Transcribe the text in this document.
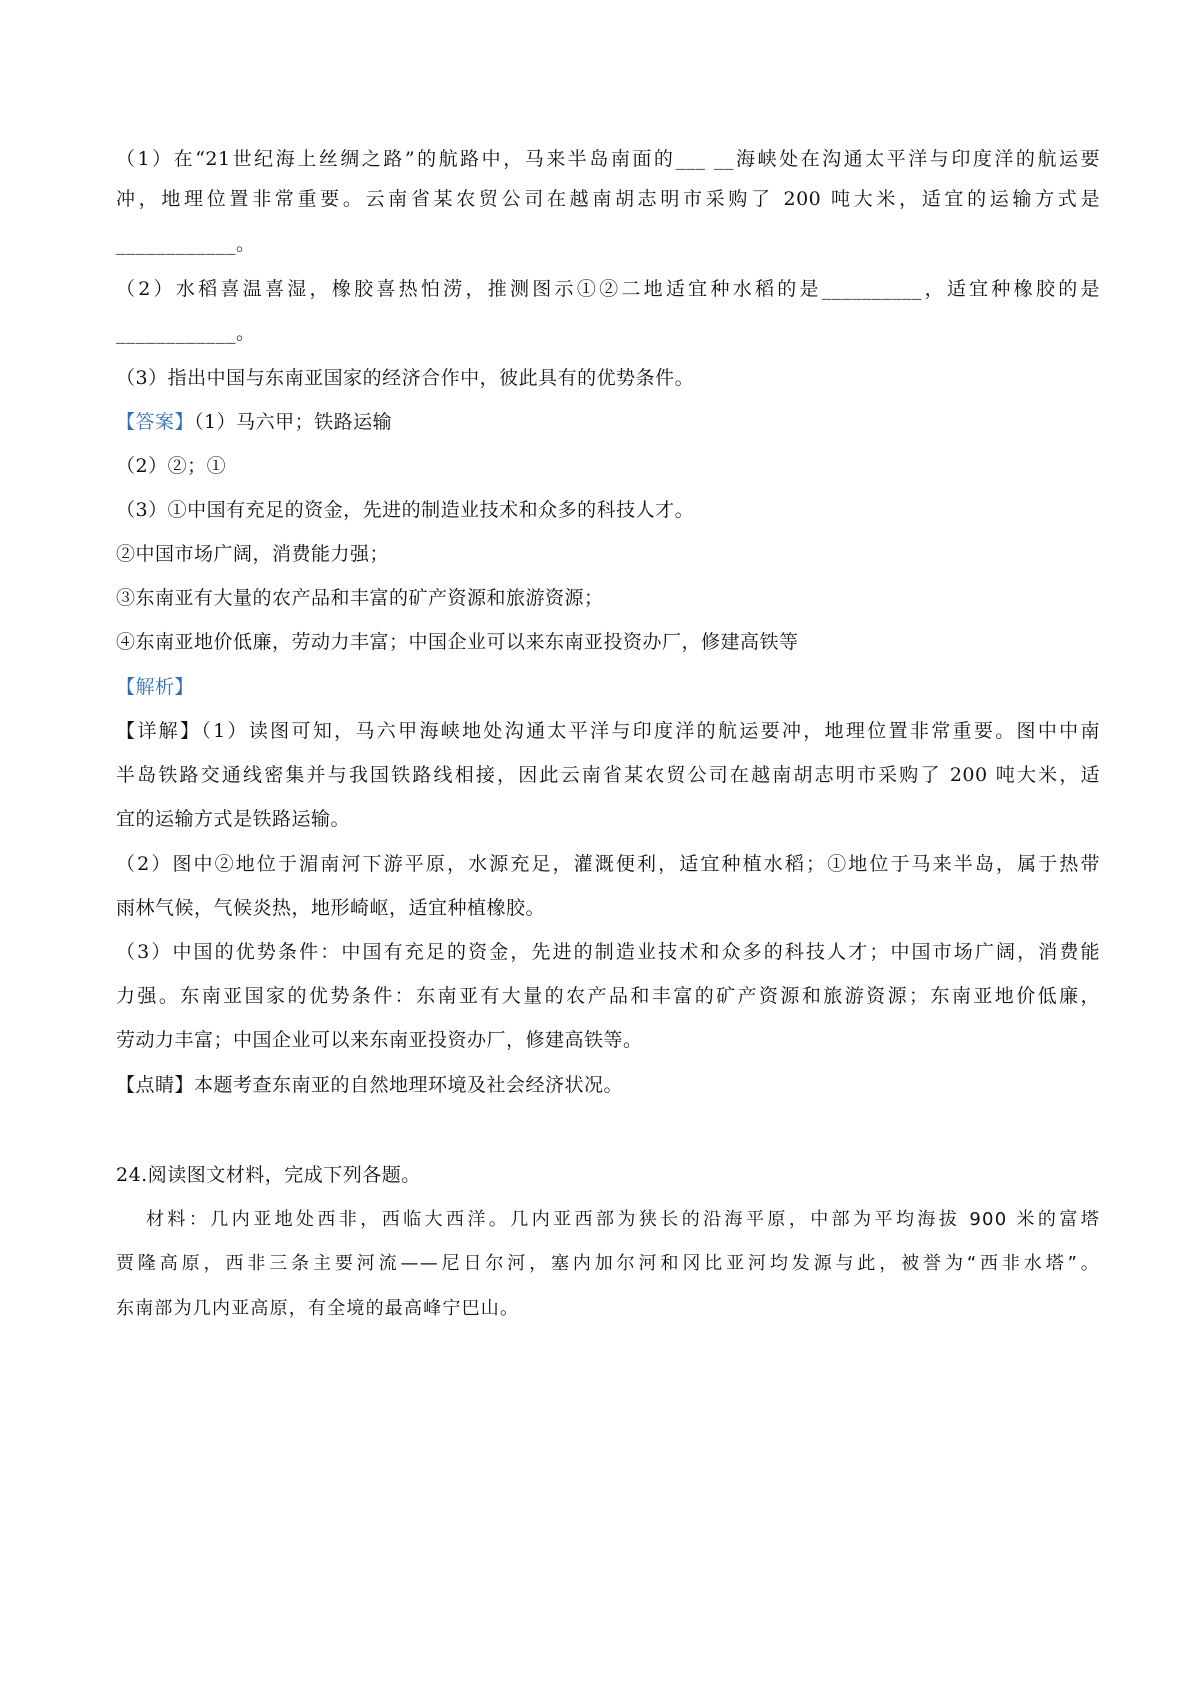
（1）在“21世纪海上丝绸之路”的航路中，马来半岛南面的___ __海峡处在沟通太平洋与印度洋的航运要
冲，地理位置非常重要。云南省某农贸公司在越南胡志明市采购了 200 吨大米，适宜的运输方式是
____________。
（2）水稻喜温喜湿，橡胶喜热怕涝，推测图示①②二地适宜种水稻的是__________，适宜种橡胶的是
____________。
（3）指出中国与东南亚国家的经济合作中，彼此具有的优势条件。
【答案】（1）马六甲；铁路运输
（2）②；①
（3）①中国有充足的资金，先进的制造业技术和众多的科技人才。
②中国市场广阔，消费能力强；
③东南亚有大量的农产品和丰富的矿产资源和旅游资源；
④东南亚地价低廉，劳动力丰富；中国企业可以来东南亚投资办厂，修建高铁等
【解析】
【详解】（1）读图可知，马六甲海峡地处沟通太平洋与印度洋的航运要冲，地理位置非常重要。图中中南
半岛铁路交通线密集并与我国铁路线相接，因此云南省某农贸公司在越南胡志明市采购了 200 吨大米，适
宜的运输方式是铁路运输。
（2）图中②地位于湄南河下游平原，水源充足，灌溉便利，适宜种植水稻；①地位于马来半岛，属于热带
雨林气候，气候炎热，地形崎岖，适宜种植橡胶。
（3）中国的优势条件：中国有充足的资金，先进的制造业技术和众多的科技人才；中国市场广阔，消费能
力强。东南亚国家的优势条件：东南亚有大量的农产品和丰富的矿产资源和旅游资源；东南亚地价低廉，
劳动力丰富；中国企业可以来东南亚投资办厂，修建高铁等。
【点睛】本题考查东南亚的自然地理环境及社会经济状况。
24.阅读图文材料，完成下列各题。
材料：几内亚地处西非，西临大西洋。几内亚西部为狭长的沿海平原，中部为平均海拔 900 米的富塔
贾隆高原，西非三条主要河流——尼日尔河，塞内加尔河和冈比亚河均发源与此，被誉为“西非水塔”。
东南部为几内亚高原，有全境的最高峰宁巴山。
